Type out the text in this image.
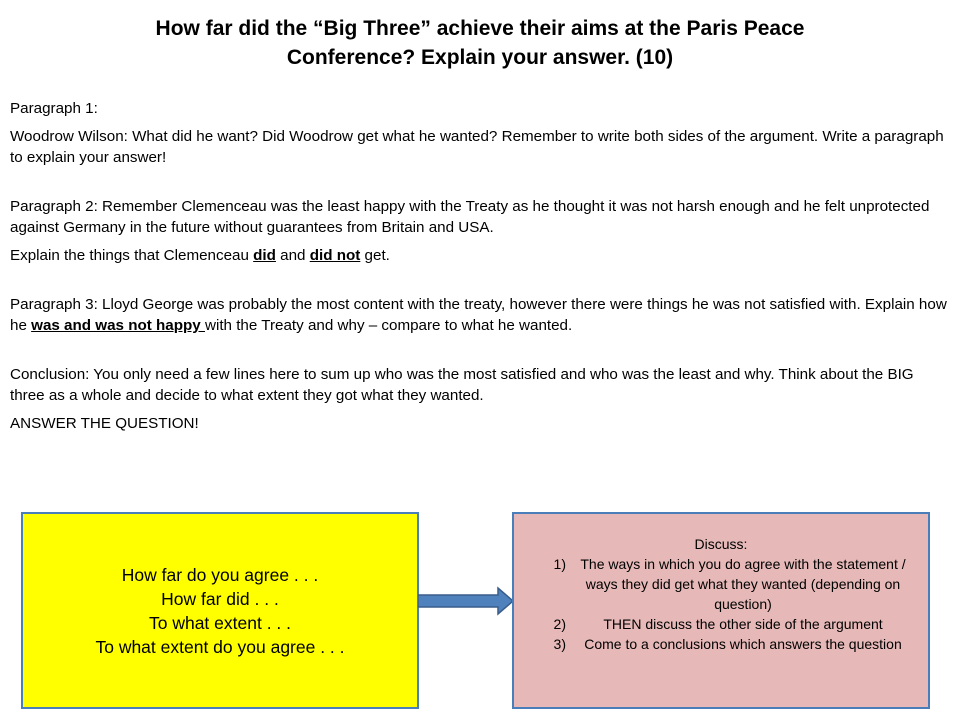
How far did the “Big Three” achieve their aims at the Paris Peace
Conference? Explain your answer. (10)

Paragraph 1:

Woodrow Wilson: What did he want? Did Woodrow get what he wanted? Remember to write both sides of the argument. Write a paragraph to explain your answer!

Paragraph 2: Remember Clemenceau was the least happy with the Treaty as he thought it was not harsh enough and he felt unprotected against Germany in the future without guarantees from Britain and USA.

Explain the things that Clemenceau did and did not get.

Paragraph 3: Lloyd George was probably the most content with the treaty, however there were things he was not satisfied with. Explain how he was and was not happy with the Treaty and why – compare to what he wanted.

Conclusion: You only need a few lines here to sum up who was the most satisfied and who was the least and why. Think about the BIG three as a whole and decide to what extent they got what they wanted.

ANSWER THE QUESTION!

How far do you agree . . .
How far did . . .
To what extent . . .
To what extent do you agree . . .
Discuss:
1)	The ways in which you do agree with the statement / ways they did get what they wanted (depending on question)
2)	THEN discuss the other side of the argument
3)	Come to a conclusions which answers the question
